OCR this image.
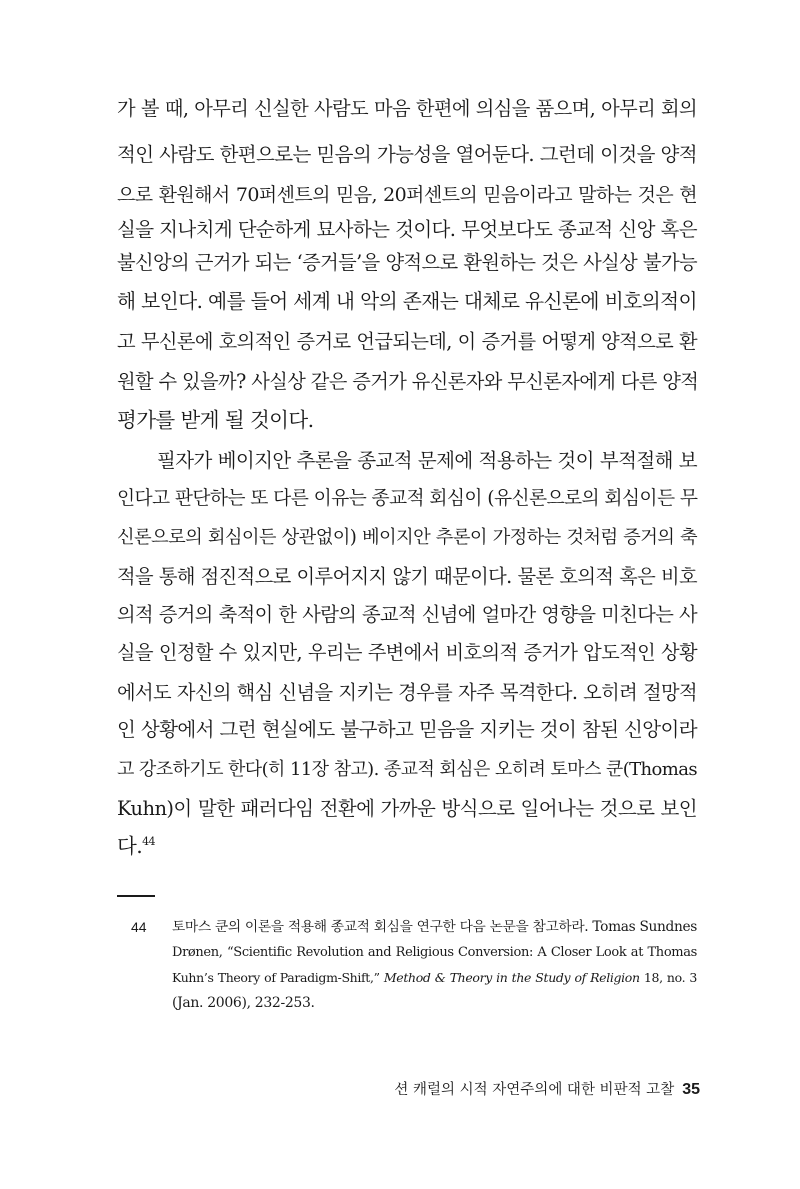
가 볼 때, 아무리 신실한 사람도 마음 한편에 의심을 품으며, 아무리 회의
적인 사람도 한편으로는 믿음의 가능성을 열어둔다. 그런데 이것을 양적
으로 환원해서 70퍼센트의 믿음, 20퍼센트의 믿음이라고 말하는 것은 현
실을 지나치게 단순하게 묘사하는 것이다. 무엇보다도 종교적 신앙 혹은
불신앙의 근거가 되는 ‘증거들’을 양적으로 환원하는 것은 사실상 불가능
해 보인다. 예를 들어 세계 내 악의 존재는 대체로 유신론에 비호의적이
고 무신론에 호의적인 증거로 언급되는데, 이 증거를 어떻게 양적으로 환
원할 수 있을까? 사실상 같은 증거가 유신론자와 무신론자에게 다른 양적
평가를 받게 될 것이다.
필자가 베이지안 추론을 종교적 문제에 적용하는 것이 부적절해 보
인다고 판단하는 또 다른 이유는 종교적 회심이 (유신론으로의 회심이든 무
신론으로의 회심이든 상관없이) 베이지안 추론이 가정하는 것처럼 증거의 축
적을 통해 점진적으로 이루어지지 않기 때문이다. 물론 호의적 혹은 비호
의적 증거의 축적이 한 사람의 종교적 신념에 얼마간 영향을 미친다는 사
실을 인정할 수 있지만, 우리는 주변에서 비호의적 증거가 압도적인 상황
에서도 자신의 핵심 신념을 지키는 경우를 자주 목격한다. 오히려 절망적
인 상황에서 그런 현실에도 불구하고 믿음을 지키는 것이 참된 신앙이라
고 강조하기도 한다(히 11장 참고). 종교적 회심은 오히려 토마스 쿤(Thomas
Kuhn)이 말한 패러다임 전환에 가까운 방식으로 일어나는 것으로 보인
다.$^{44}$
44 토마스 쿤의 이론을 적용해 종교적 회심을 연구한 다음 논문을 참고하라. Tomas Sundnes
Drønen, “Scientific Revolution and Religious Conversion: A Closer Look at Thomas
Kuhn’s Theory of Paradigm-Shift,” Method & Theory in the Study of Religion 18, no. 3
(Jan. 2006), 232-253.
션 캐럴의 시적 자연주의에 대한 비판적 고찰 35
